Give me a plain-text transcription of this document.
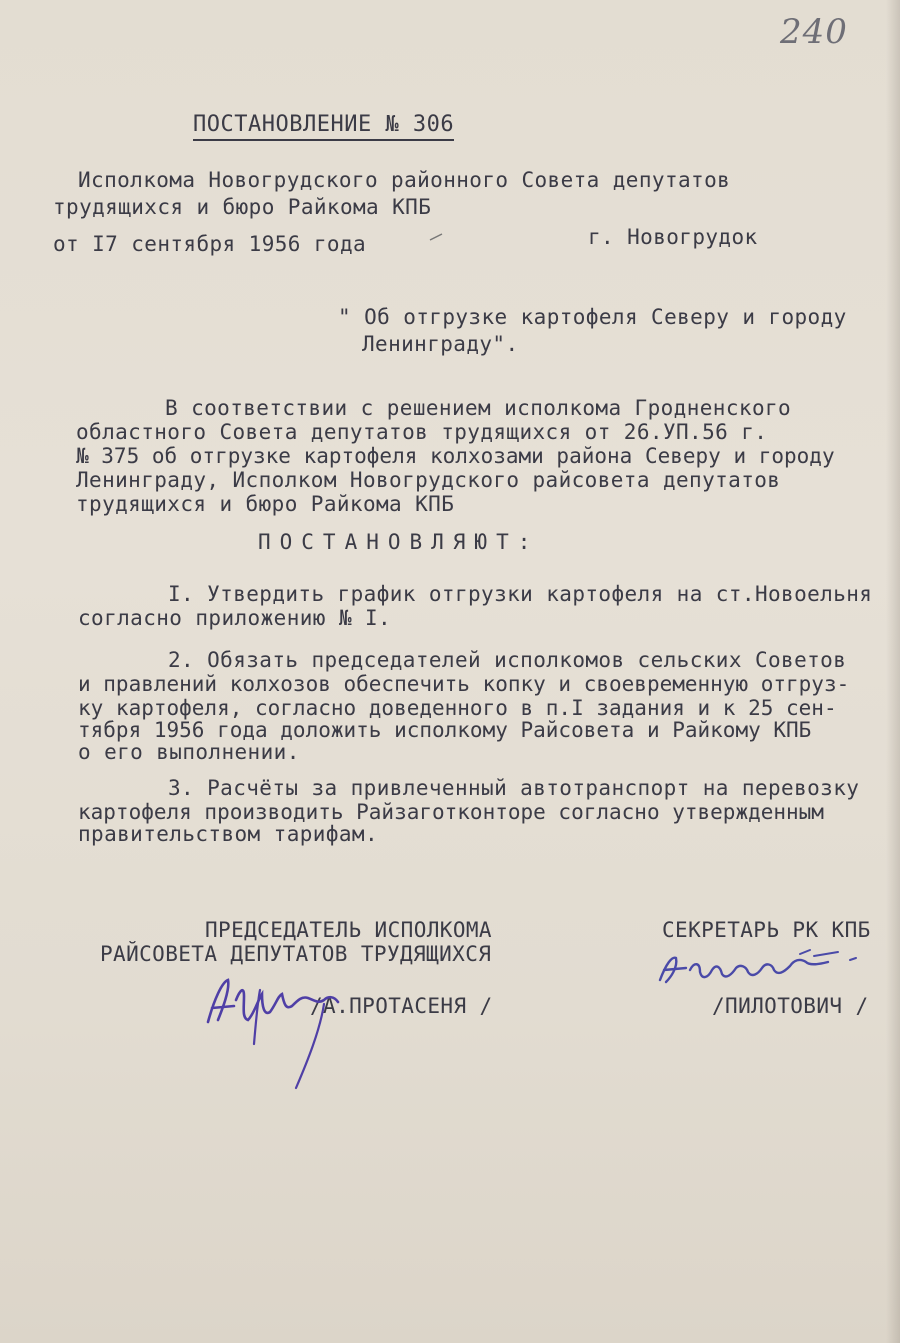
240
ПОСТАНОВЛЕНИЕ № 306
Исполкома Новогрудского районного Совета депутатов
трудящихся и бюро Райкома КПБ
от I7 сентября 1956 года	г. Новогрудок
" Об отгрузке картофеля Северу и городу
Ленинграду".
В соответствии с решением исполкома Гродненского
областного Совета депутатов трудящихся от 26.УП.56 г.
№ 375 об отгрузке картофеля колхозами района Северу и городу
Ленинграду, Исполком Новогрудского райсовета депутатов
трудящихся и бюро Райкома КПБ
ПОСТАНОВЛЯЮТ:
I. Утвердить график отгрузки картофеля на ст.Новоельня
согласно приложению № I.
2. Обязать председателей исполкомов сельских Советов
и правлений колхозов обеспечить копку и своевременную отгруз-
ку картофеля, согласно доведенного в п.I задания и к 25 сен-
тября 1956 года доложить исполкому Райсовета и Райкому КПБ
о его выполнении.
3. Расчёты за привлеченный автотранспорт на перевозку
картофеля производить Райзаготконторе согласно утвержденным
правительством тарифам.
ПРЕДСЕДАТЕЛЬ ИСПОЛКОМА
РАЙСОВЕТА ДЕПУТАТОВ ТРУДЯЩИХСЯ
СЕКРЕТАРЬ РК КПБ
/А.ПРОТАСЕНЯ /	/ПИЛОТОВИЧ /
